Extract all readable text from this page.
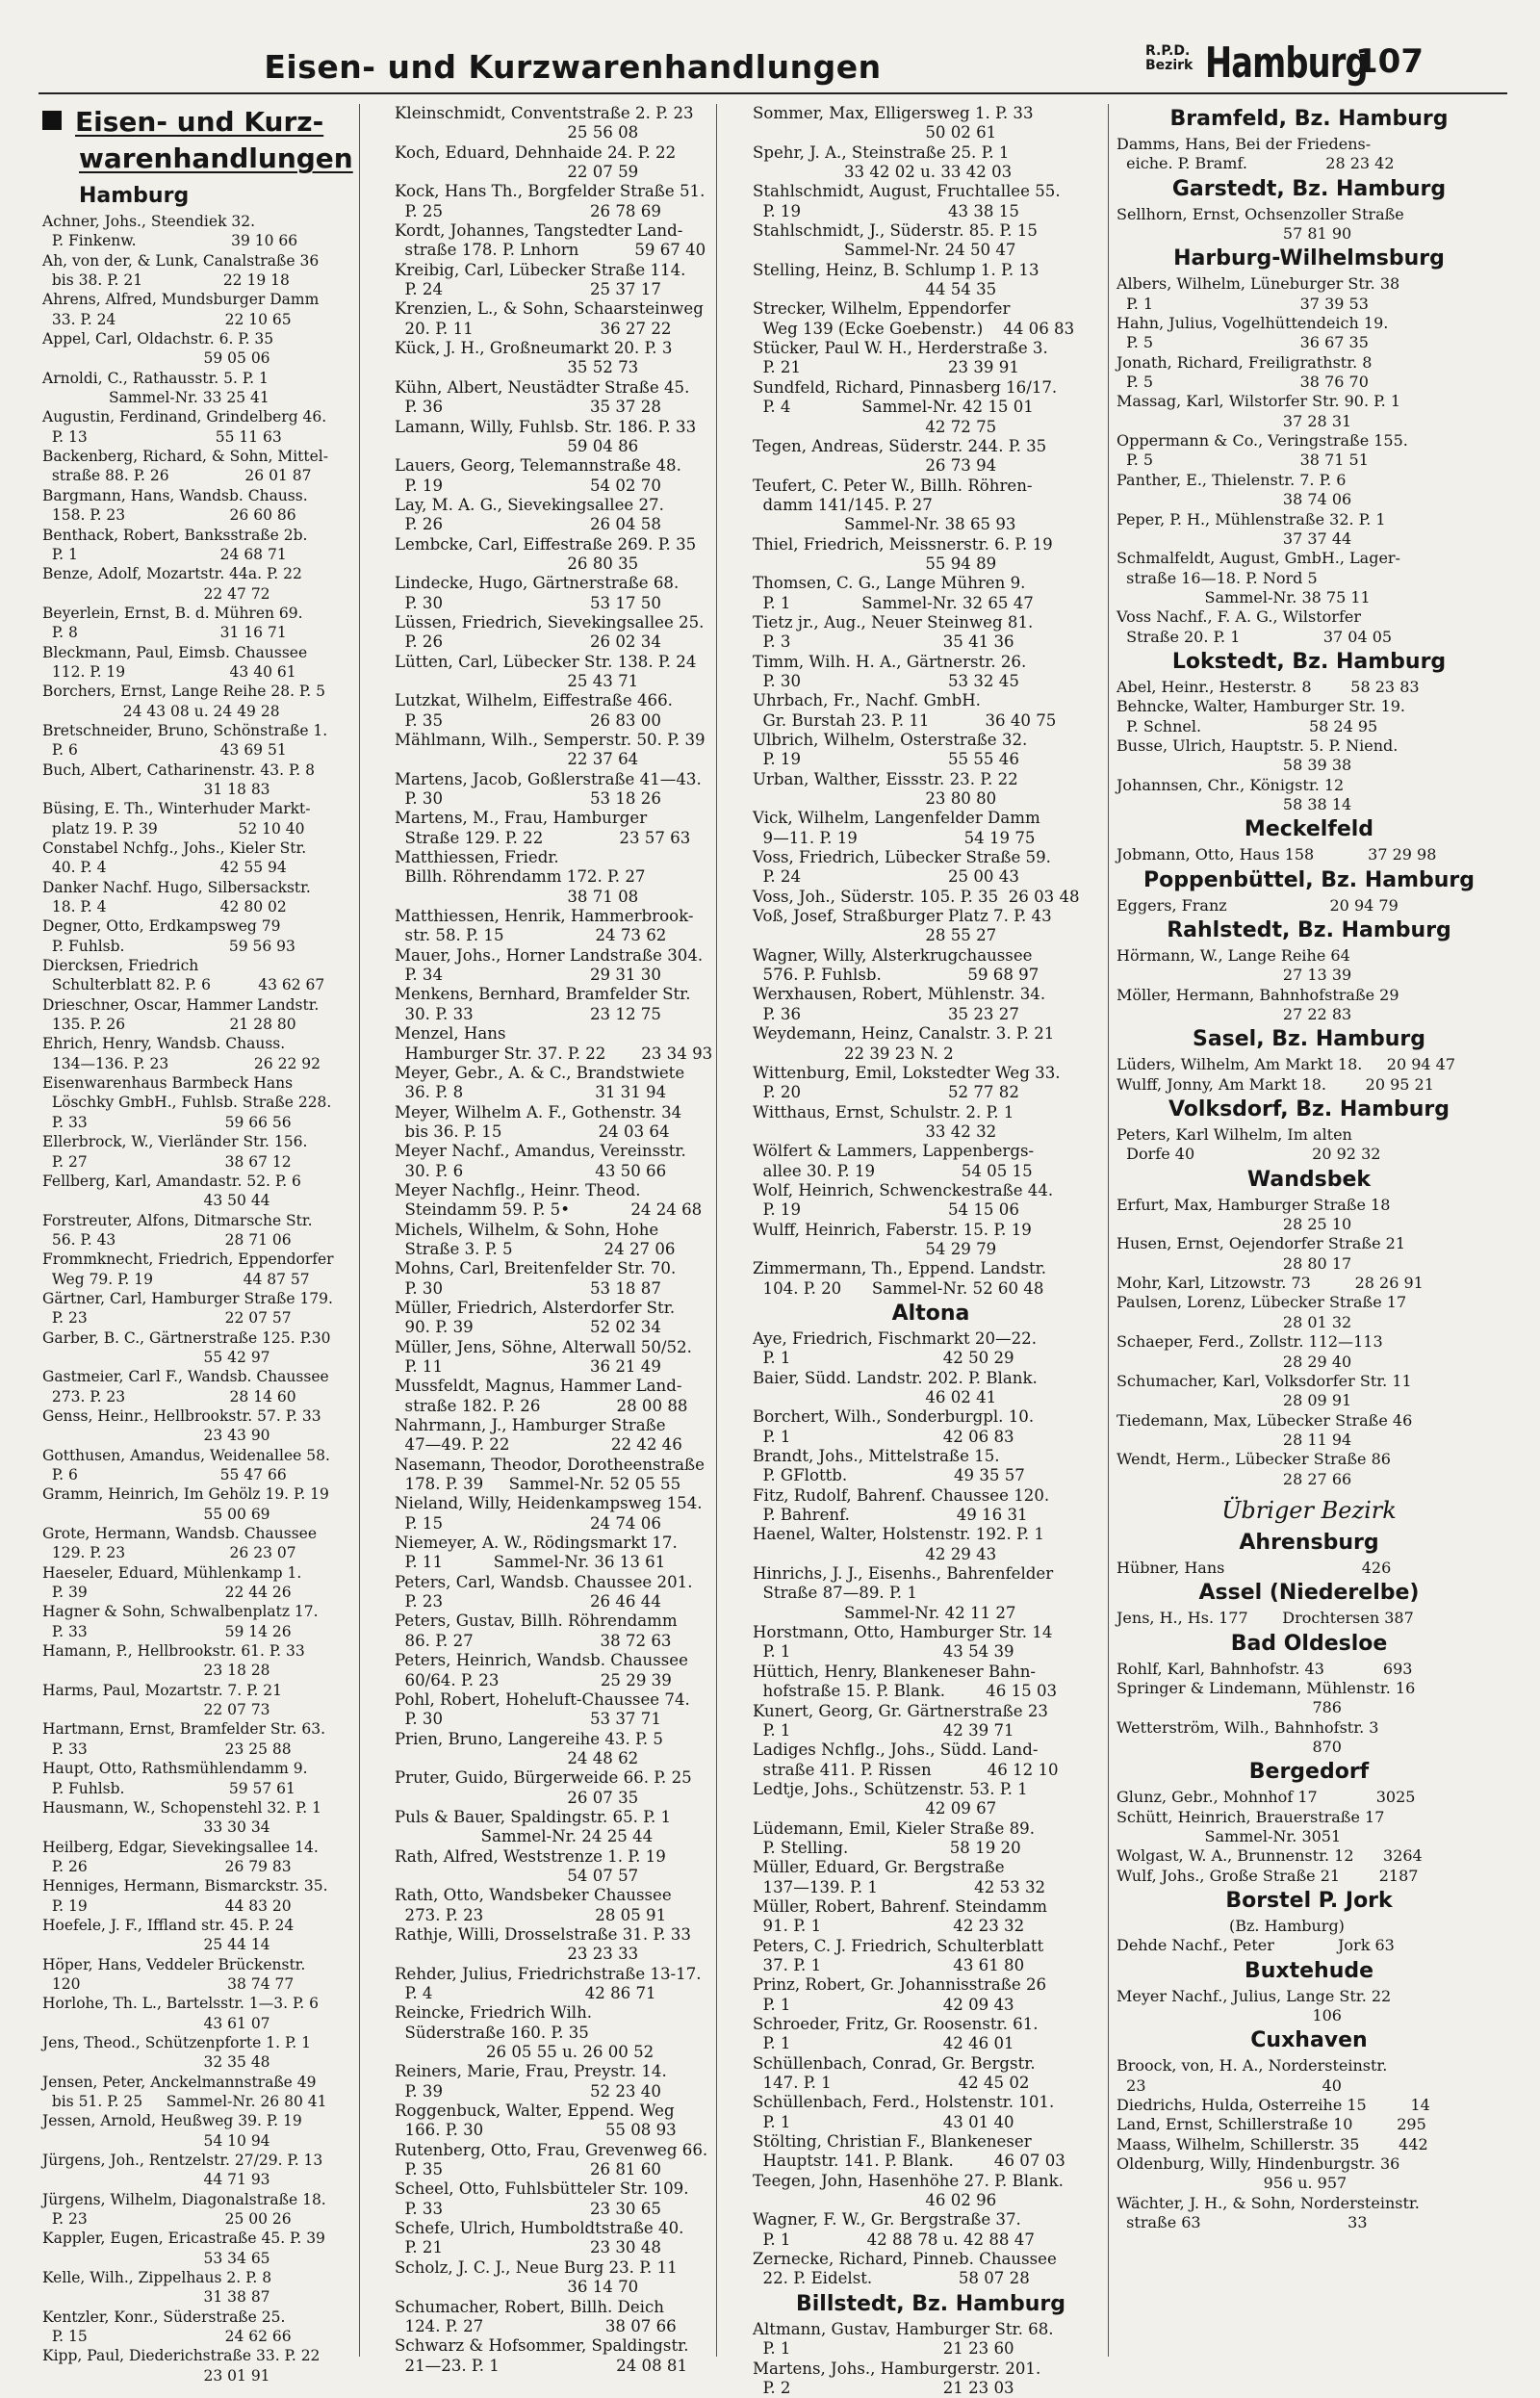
Eisen- und Kurzwarenhandlungen	R.P.D.
Bezirk Hamburg
107
Eisen- und Kurz-
warenhandlungen
Hamburg
Achner, Johs., Steendiek 32.
P. Finkenw.                    39 10 66
Ah, von der, & Lunk, Canalstraße 36
bis 38. P. 21                 22 19 18
Ahrens, Alfred, Mundsburger Damm
33. P. 24                       22 10 65
Appel, Carl, Oldachstr. 6. P. 35
59 05 06
Arnoldi, C., Rathausstr. 5. P. 1
Sammel-Nr. 33 25 41
Augustin, Ferdinand, Grindelberg 46.
P. 13                           55 11 63
Backenberg, Richard, & Sohn, Mittel-
straße 88. P. 26                26 01 87
Bargmann, Hans, Wandsb. Chauss.
158. P. 23                      26 60 86
Benthack, Robert, Banksstraße 2b.
P. 1                              24 68 71
Benze, Adolf, Mozartstr. 44a. P. 22
22 47 72
Beyerlein, Ernst, B. d. Mühren 69.
P. 8                              31 16 71
Bleckmann, Paul, Eimsb. Chaussee
112. P. 19                      43 40 61
Borchers, Ernst, Lange Reihe 28. P. 5
24 43 08 u. 24 49 28
Bretschneider, Bruno, Schönstraße 1.
P. 6                              43 69 51
Buch, Albert, Catharinenstr. 43. P. 8
31 18 83
Büsing, E. Th., Winterhuder Markt-
platz 19. P. 39                 52 10 40
Constabel Nchfg., Johs., Kieler Str.
40. P. 4                        42 55 94
Danker Nachf. Hugo, Silbersackstr.
18. P. 4                        42 80 02
Degner, Otto, Erdkampsweg 79
P. Fuhlsb.                      59 56 93
Diercksen, Friedrich
Schulterblatt 82. P. 6          43 62 67
Drieschner, Oscar, Hammer Landstr.
135. P. 26                      21 28 80
Ehrich, Henry, Wandsb. Chauss.
134—136. P. 23                  26 22 92
Eisenwarenhaus Barmbeck Hans
Löschky GmbH., Fuhlsb. Straße 228.
P. 33                             59 66 56
Ellerbrock, W., Vierländer Str. 156.
P. 27                             38 67 12
Fellberg, Karl, Amandastr. 52. P. 6
43 50 44
Forstreuter, Alfons, Ditmarsche Str.
56. P. 43                       28 71 06
Frommknecht, Friedrich, Eppendorfer
Weg 79. P. 19                   44 87 57
Gärtner, Carl, Hamburger Straße 179.
P. 23                             22 07 57
Garber, B. C., Gärtnerstraße 125. P.30
55 42 97
Gastmeier, Carl F., Wandsb. Chaussee
273. P. 23                      28 14 60
Genss, Heinr., Hellbrookstr. 57. P. 33
23 43 90
Gotthusen, Amandus, Weidenallee 58.
P. 6                              55 47 66
Gramm, Heinrich, Im Gehölz 19. P. 19
55 00 69
Grote, Hermann, Wandsb. Chaussee
129. P. 23                      26 23 07
Haeseler, Eduard, Mühlenkamp 1.
P. 39                             22 44 26
Hagner & Sohn, Schwalbenplatz 17.
P. 33                             59 14 26
Hamann, P., Hellbrookstr. 61. P. 33
23 18 28
Harms, Paul, Mozartstr. 7. P. 21
22 07 73
Hartmann, Ernst, Bramfelder Str. 63.
P. 33                             23 25 88
Haupt, Otto, Rathsmühlendamm 9.
P. Fuhlsb.                      59 57 61
Hausmann, W., Schopenstehl 32. P. 1
33 30 34
Heilberg, Edgar, Sievekingsallee 14.
P. 26                             26 79 83
Henniges, Hermann, Bismarckstr. 35.
P. 19                             44 83 20
Hoefele, J. F., Iffland str. 45. P. 24
25 44 14
Höper, Hans, Veddeler Brückenstr.
120                               38 74 77
Horlohe, Th. L., Bartelsstr. 1—3. P. 6
43 61 07
Jens, Theod., Schützenpforte 1. P. 1
32 35 48
Jensen, Peter, Anckelmannstraße 49
bis 51. P. 25     Sammel-Nr. 26 80 41
Jessen, Arnold, Heußweg 39. P. 19
54 10 94
Jürgens, Joh., Rentzelstr. 27/29. P. 13
44 71 93
Jürgens, Wilhelm, Diagonalstraße 18.
P. 23                             25 00 26
Kappler, Eugen, Ericastraße 45. P. 39
53 34 65
Kelle, Wilh., Zippelhaus 2. P. 8
31 38 87
Kentzler, Konr., Süderstraße 25.
P. 15                             24 62 66
Kipp, Paul, Diederichstraße 33. P. 22
23 01 91
Kleinschmidt, Conventstraße 2. P. 23
25 56 08
Koch, Eduard, Dehnhaide 24. P. 22
22 07 59
Kock, Hans Th., Borgfelder Straße 51.
P. 25                             26 78 69
Kordt, Johannes, Tangstedter Land-
straße 178. P. Lnhorn           59 67 40
Kreibig, Carl, Lübecker Straße 114.
P. 24                             25 37 17
Krenzien, L., & Sohn, Schaarsteinweg
20. P. 11                         36 27 22
Kück, J. H., Großneumarkt 20. P. 3
35 52 73
Kühn, Albert, Neustädter Straße 45.
P. 36                             35 37 28
Lamann, Willy, Fuhlsb. Str. 186. P. 33
59 04 86
Lauers, Georg, Telemannstraße 48.
P. 19                             54 02 70
Lay, M. A. G., Sievekingsallee 27.
P. 26                             26 04 58
Lembcke, Carl, Eiffestraße 269. P. 35
26 80 35
Lindecke, Hugo, Gärtnerstraße 68.
P. 30                             53 17 50
Lüssen, Friedrich, Sievekingsallee 25.
P. 26                             26 02 34
Lütten, Carl, Lübecker Str. 138. P. 24
25 43 71
Lutzkat, Wilhelm, Eiffestraße 466.
P. 35                             26 83 00
Mählmann, Wilh., Semperstr. 50. P. 39
22 37 64
Martens, Jacob, Goßlerstraße 41—43.
P. 30                             53 18 26
Martens, M., Frau, Hamburger
Straße 129. P. 22               23 57 63
Matthiessen, Friedr.
Billh. Röhrendamm 172. P. 27
38 71 08
Matthiessen, Henrik, Hammerbrook-
str. 58. P. 15                  24 73 62
Mauer, Johs., Horner Landstraße 304.
P. 34                             29 31 30
Menkens, Bernhard, Bramfelder Str.
30. P. 33                       23 12 75
Menzel, Hans
Hamburger Str. 37. P. 22       23 34 93
Meyer, Gebr., A. & C., Brandstwiete
36. P. 8                          31 31 94
Meyer, Wilhelm A. F., Gothenstr. 34
bis 36. P. 15                   24 03 64
Meyer Nachf., Amandus, Vereinsstr.
30. P. 6                          43 50 66
Meyer Nachflg., Heinr. Theod.
Steindamm 59. P. 5•            24 24 68
Michels, Wilhelm, & Sohn, Hohe
Straße 3. P. 5                  24 27 06
Mohns, Carl, Breitenfelder Str. 70.
P. 30                             53 18 87
Müller, Friedrich, Alsterdorfer Str.
90. P. 39                       52 02 34
Müller, Jens, Söhne, Alterwall 50/52.
P. 11                             36 21 49
Mussfeldt, Magnus, Hammer Land-
straße 182. P. 26               28 00 88
Nahrmann, J., Hamburger Straße
47—49. P. 22                    22 42 46
Nasemann, Theodor, Dorotheenstraße
178. P. 39     Sammel-Nr. 52 05 55
Nieland, Willy, Heidenkampsweg 154.
P. 15                             24 74 06
Niemeyer, A. W., Rödingsmarkt 17.
P. 11          Sammel-Nr. 36 13 61
Peters, Carl, Wandsb. Chaussee 201.
P. 23                             26 46 44
Peters, Gustav, Billh. Röhrendamm
86. P. 27                         38 72 63
Peters, Heinrich, Wandsb. Chaussee
60/64. P. 23                    25 29 39
Pohl, Robert, Hoheluft-Chaussee 74.
P. 30                             53 37 71
Prien, Bruno, Langereihe 43. P. 5
24 48 62
Pruter, Guido, Bürgerweide 66. P. 25
26 07 35
Puls & Bauer, Spaldingstr. 65. P. 1
Sammel-Nr. 24 25 44
Rath, Alfred, Weststrenze 1. P. 19
54 07 57
Rath, Otto, Wandsbeker Chaussee
273. P. 23                      28 05 91
Rathje, Willi, Drosselstraße 31. P. 33
23 23 33
Rehder, Julius, Friedrichstraße 13-17.
P. 4                              42 86 71
Reincke, Friedrich Wilh.
Süderstraße 160. P. 35
26 05 55 u. 26 00 52
Reiners, Marie, Frau, Preystr. 14.
P. 39                             52 23 40
Roggenbuck, Walter, Eppend. Weg
166. P. 30                        55 08 93
Rutenberg, Otto, Frau, Grevenweg 66.
P. 35                             26 81 60
Scheel, Otto, Fuhlsbütteler Str. 109.
P. 33                             23 30 65
Schefe, Ulrich, Humboldtstraße 40.
P. 21                             23 30 48
Scholz, J. C. J., Neue Burg 23. P. 11
36 14 70
Schumacher, Robert, Billh. Deich
124. P. 27                        38 07 66
Schwarz & Hofsommer, Spaldingstr.
21—23. P. 1                       24 08 81
Sommer, Max, Elligersweg 1. P. 33
50 02 61
Spehr, J. A., Steinstraße 25. P. 1
33 42 02 u. 33 42 03
Stahlschmidt, August, Fruchtallee 55.
P. 19                             43 38 15
Stahlschmidt, J., Süderstr. 85. P. 15
Sammel-Nr. 24 50 47
Stelling, Heinz, B. Schlump 1. P. 13
44 54 35
Strecker, Wilhelm, Eppendorfer
Weg 139 (Ecke Goebenstr.)    44 06 83
Stücker, Paul W. H., Herderstraße 3.
P. 21                             23 39 91
Sundfeld, Richard, Pinnasberg 16/17.
P. 4              Sammel-Nr. 42 15 01
42 72 75
Tegen, Andreas, Süderstr. 244. P. 35
26 73 94
Teufert, C. Peter W., Billh. Röhren-
damm 141/145. P. 27
Sammel-Nr. 38 65 93
Thiel, Friedrich, Meissnerstr. 6. P. 19
55 94 89
Thomsen, C. G., Lange Mühren 9.
P. 1              Sammel-Nr. 32 65 47
Tietz jr., Aug., Neuer Steinweg 81.
P. 3                              35 41 36
Timm, Wilh. H. A., Gärtnerstr. 26.
P. 30                             53 32 45
Uhrbach, Fr., Nachf. GmbH.
Gr. Burstah 23. P. 11           36 40 75
Ulbrich, Wilhelm, Osterstraße 32.
P. 19                             55 55 46
Urban, Walther, Eissstr. 23. P. 22
23 80 80
Vick, Wilhelm, Langenfelder Damm
9—11. P. 19                     54 19 75
Voss, Friedrich, Lübecker Straße 59.
P. 24                             25 00 43
Voss, Joh., Süderstr. 105. P. 35  26 03 48
Voß, Josef, Straßburger Platz 7. P. 43
28 55 27
Wagner, Willy, Alsterkrugchaussee
576. P. Fuhlsb.                 59 68 97
Werxhausen, Robert, Mühlenstr. 34.
P. 36                             35 23 27
Weydemann, Heinz, Canalstr. 3. P. 21
22 39 23 N. 2
Wittenburg, Emil, Lokstedter Weg 33.
P. 20                             52 77 82
Witthaus, Ernst, Schulstr. 2. P. 1
33 42 32
Wölfert & Lammers, Lappenbergs-
allee 30. P. 19                 54 05 15
Wolf, Heinrich, Schwenckestraße 44.
P. 19                             54 15 06
Wulff, Heinrich, Faberstr. 15. P. 19
54 29 79
Zimmermann, Th., Eppend. Landstr.
104. P. 20      Sammel-Nr. 52 60 48
Altona
Aye, Friedrich, Fischmarkt 20—22.
P. 1                              42 50 29
Baier, Südd. Landstr. 202. P. Blank.
46 02 41
Borchert, Wilh., Sonderburgpl. 10.
P. 1                              42 06 83
Brandt, Johs., Mittelstraße 15.
P. GFlottb.                     49 35 57
Fitz, Rudolf, Bahrenf. Chaussee 120.
P. Bahrenf.                     49 16 31
Haenel, Walter, Holstenstr. 192. P. 1
42 29 43
Hinrichs, J. J., Eisenhs., Bahrenfelder
Straße 87—89. P. 1
Sammel-Nr. 42 11 27
Horstmann, Otto, Hamburger Str. 14
P. 1                              43 54 39
Hüttich, Henry, Blankeneser Bahn-
hofstraße 15. P. Blank.        46 15 03
Kunert, Georg, Gr. Gärtnerstraße 23
P. 1                              42 39 71
Ladiges Nchflg., Johs., Südd. Land-
straße 411. P. Rissen           46 12 10
Ledtje, Johs., Schützenstr. 53. P. 1
42 09 67
Lüdemann, Emil, Kieler Straße 89.
P. Stelling.                    58 19 20
Müller, Eduard, Gr. Bergstraße
137—139. P. 1                   42 53 32
Müller, Robert, Bahrenf. Steindamm
91. P. 1                          42 23 32
Peters, C. J. Friedrich, Schulterblatt
37. P. 1                          43 61 80
Prinz, Robert, Gr. Johannisstraße 26
P. 1                              42 09 43
Schroeder, Fritz, Gr. Roosenstr. 61.
P. 1                              42 46 01
Schüllenbach, Conrad, Gr. Bergstr.
147. P. 1                         42 45 02
Schüllenbach, Ferd., Holstenstr. 101.
P. 1                              43 01 40
Stölting, Christian F., Blankeneser
Hauptstr. 141. P. Blank.        46 07 03
Teegen, John, Hasenhöhe 27. P. Blank.
46 02 96
Wagner, F. W., Gr. Bergstraße 37.
P. 1               42 88 78 u. 42 88 47
Zernecke, Richard, Pinneb. Chaussee
22. P. Eidelst.                 58 07 28
Billstedt, Bz. Hamburg
Altmann, Gustav, Hamburger Str. 68.
P. 1                              21 23 60
Martens, Johs., Hamburgerstr. 201.
P. 2                              21 23 03
Bramfeld, Bz. Hamburg
Damms, Hans, Bei der Friedens-
eiche. P. Bramf.                28 23 42
Garstedt, Bz. Hamburg
Sellhorn, Ernst, Ochsenzoller Straße
57 81 90
Harburg-Wilhelmsburg
Albers, Wilhelm, Lüneburger Str. 38
P. 1                              37 39 53
Hahn, Julius, Vogelhüttendeich 19.
P. 5                              36 67 35
Jonath, Richard, Freiligrathstr. 8
P. 5                              38 76 70
Massag, Karl, Wilstorfer Str. 90. P. 1
37 28 31
Oppermann & Co., Veringstraße 155.
P. 5                              38 71 51
Panther, E., Thielenstr. 7. P. 6
38 74 06
Peper, P. H., Mühlenstraße 32. P. 1
37 37 44
Schmalfeldt, August, GmbH., Lager-
straße 16—18. P. Nord 5
Sammel-Nr. 38 75 11
Voss Nachf., F. A. G., Wilstorfer
Straße 20. P. 1                 37 04 05
Lokstedt, Bz. Hamburg
Abel, Heinr., Hesterstr. 8        58 23 83
Behncke, Walter, Hamburger Str. 19.
P. Schnel.                      58 24 95
Busse, Ulrich, Hauptstr. 5. P. Niend.
58 39 38
Johannsen, Chr., Königstr. 12
58 38 14
Meckelfeld
Jobmann, Otto, Haus 158           37 29 98
Poppenbüttel, Bz. Hamburg
Eggers, Franz                     20 94 79
Rahlstedt, Bz. Hamburg
Hörmann, W., Lange Reihe 64
27 13 39
Möller, Hermann, Bahnhofstraße 29
27 22 83
Sasel, Bz. Hamburg
Lüders, Wilhelm, Am Markt 18.     20 94 47
Wulff, Jonny, Am Markt 18.        20 95 21
Volksdorf, Bz. Hamburg
Peters, Karl Wilhelm, Im alten
Dorfe 40                        20 92 32
Wandsbek
Erfurt, Max, Hamburger Straße 18
28 25 10
Husen, Ernst, Oejendorfer Straße 21
28 80 17
Mohr, Karl, Litzowstr. 73         28 26 91
Paulsen, Lorenz, Lübecker Straße 17
28 01 32
Schaeper, Ferd., Zollstr. 112—113
28 29 40
Schumacher, Karl, Volksdorfer Str. 11
28 09 91
Tiedemann, Max, Lübecker Straße 46
28 11 94
Wendt, Herm., Lübecker Straße 86
28 27 66
Übriger Bezirk
Ahrensburg
Hübner, Hans                            426
Assel (Niederelbe)
Jens, H., Hs. 177       Drochtersen 387
Bad Oldesloe
Rohlf, Karl, Bahnhofstr. 43            693
Springer & Lindemann, Mühlenstr. 16
786
Wetterström, Wilh., Bahnhofstr. 3
870
Bergedorf
Glunz, Gebr., Mohnhof 17            3025
Schütt, Heinrich, Brauerstraße 17
Sammel-Nr. 3051
Wolgast, W. A., Brunnenstr. 12      3264
Wulf, Johs., Große Straße 21        2187
Borstel P. Jork
(Bz. Hamburg)
Dehde Nachf., Peter             Jork 63
Buxtehude
Meyer Nachf., Julius, Lange Str. 22
106
Cuxhaven
Broock, von, H. A., Nordersteinstr.
23                                    40
Diedrichs, Hulda, Osterreihe 15         14
Land, Ernst, Schillerstraße 10         295
Maass, Wilhelm, Schillerstr. 35        442
Oldenburg, Willy, Hindenburgstr. 36
956 u. 957
Wächter, J. H., & Sohn, Nordersteinstr.
straße 63                              33
